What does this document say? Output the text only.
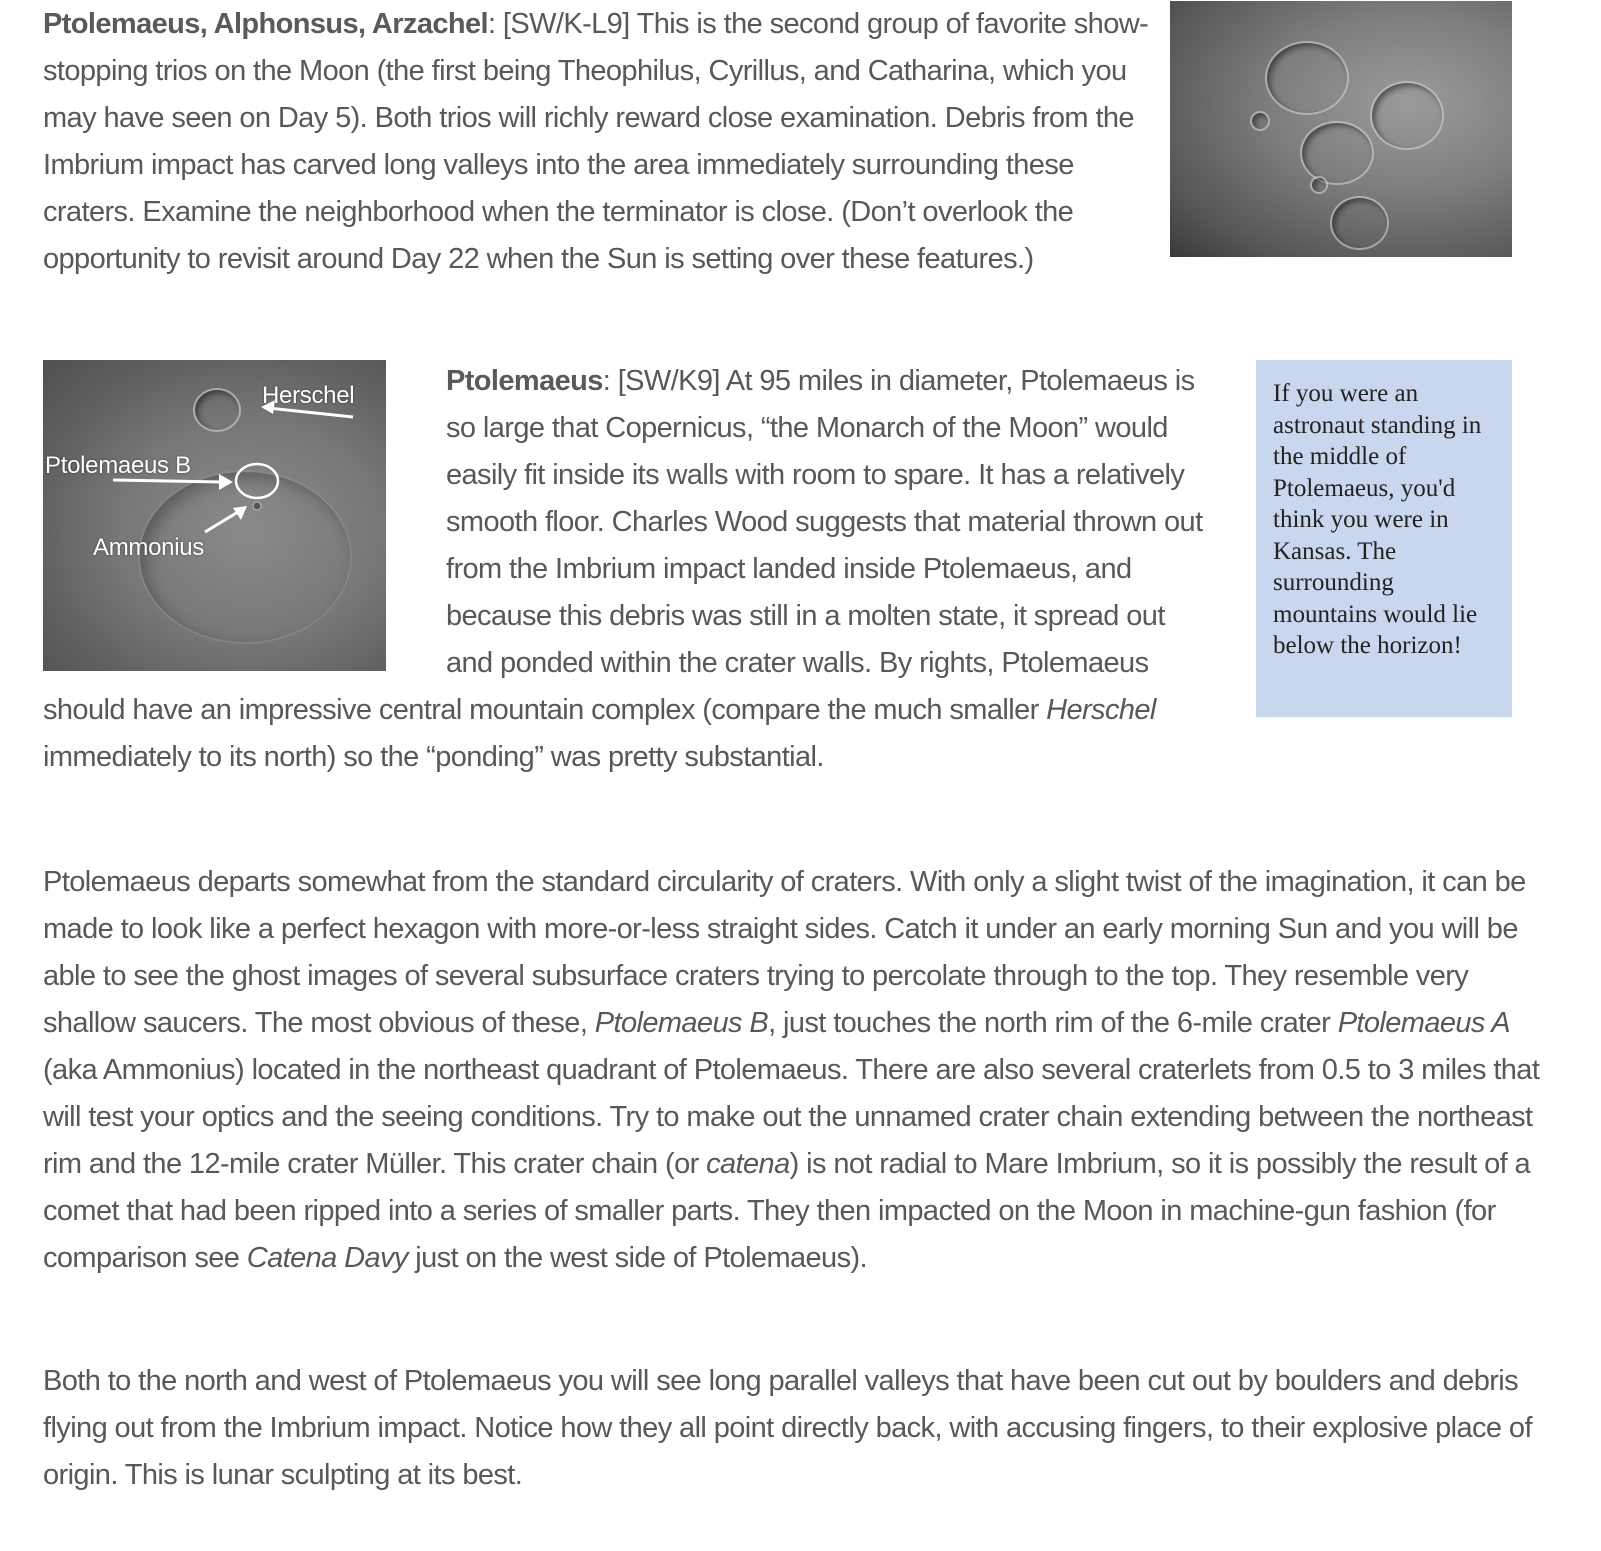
Ptolemaeus, Alphonsus, Arzachel: [SW/K-L9] This is the second group of favorite show-stopping trios on the Moon (the first being Theophilus, Cyrillus, and Catharina, which you may have seen on Day 5). Both trios will richly reward close examination. Debris from the Imbrium impact has carved long valleys into the area immediately surrounding these craters. Examine the neighborhood when the terminator is close. (Don’t overlook the opportunity to revisit around Day 22 when the Sun is setting over these features.)

Herschel
Ptolemaeus B
Ammonius

Ptolemaeus: [SW/K9] At 95 miles in diameter, Ptolemaeus is so large that Copernicus, “the Monarch of the Moon” would easily fit inside its walls with room to spare. It has a relatively smooth floor. Charles Wood suggests that material thrown out from the Imbrium impact landed inside Ptolemaeus, and because this debris was still in a molten state, it spread out and ponded within the crater walls. By rights, Ptolemaeus should have an impressive central mountain complex (compare the much smaller Herschel immediately to its north) so the “ponding” was pretty substantial.

If you were an astronaut standing in the middle of Ptolemaeus, you'd think you were in Kansas. The surrounding mountains would lie below the horizon!

Ptolemaeus departs somewhat from the standard circularity of craters. With only a slight twist of the imagination, it can be made to look like a perfect hexagon with more-or-less straight sides. Catch it under an early morning Sun and you will be able to see the ghost images of several subsurface craters trying to percolate through to the top. They resemble very shallow saucers. The most obvious of these, Ptolemaeus B, just touches the north rim of the 6-mile crater Ptolemaeus A (aka Ammonius) located in the northeast quadrant of Ptolemaeus. There are also several craterlets from 0.5 to 3 miles that will test your optics and the seeing conditions. Try to make out the unnamed crater chain extending between the northeast rim and the 12-mile crater Müller. This crater chain (or catena) is not radial to Mare Imbrium, so it is possibly the result of a comet that had been ripped into a series of smaller parts. They then impacted on the Moon in machine-gun fashion (for comparison see Catena Davy just on the west side of Ptolemaeus).

Both to the north and west of Ptolemaeus you will see long parallel valleys that have been cut out by boulders and debris flying out from the Imbrium impact. Notice how they all point directly back, with accusing fingers, to their explosive place of origin. This is lunar sculpting at its best.
